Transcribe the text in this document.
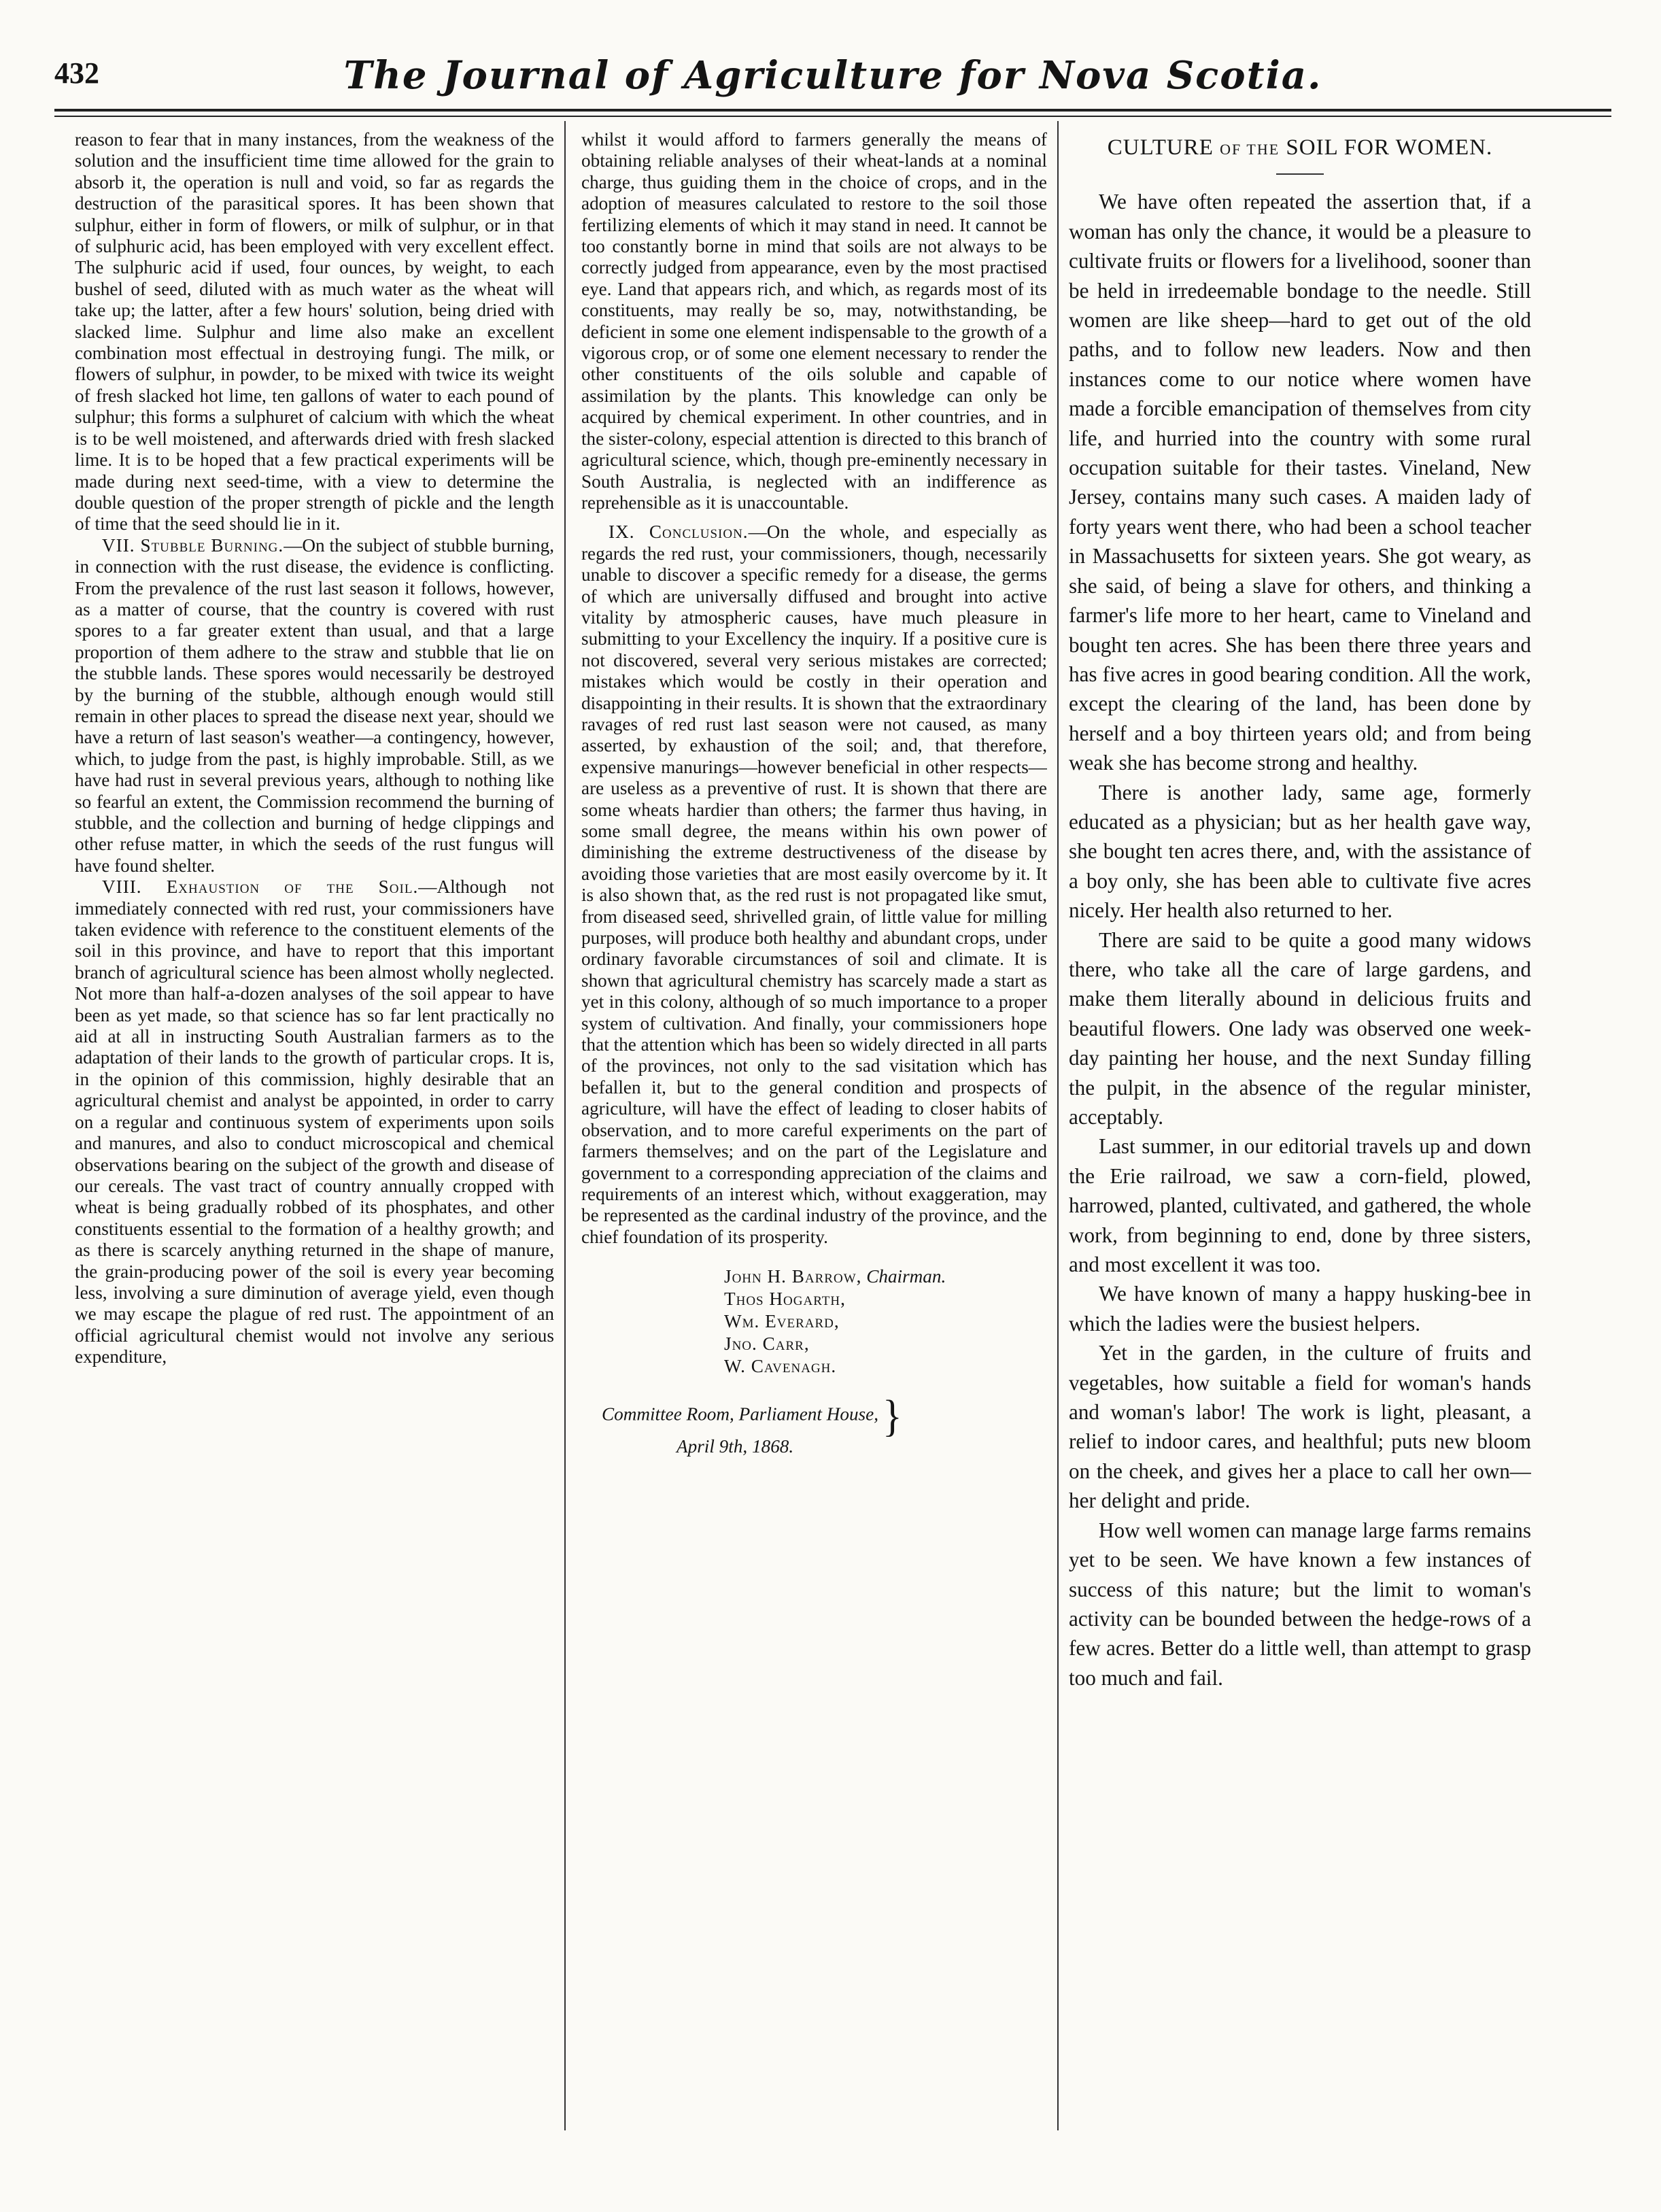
432	The Journal of Agriculture for Nova Scotia.

reason to fear that in many instances, from the weakness of the solution and the insufficient time time allowed for the grain to absorb it, the operation is null and void, so far as regards the destruction of the parasitical spores. It has been shown that sulphur, either in form of flowers, or milk of sulphur, or in that of sulphuric acid, has been employed with very excellent effect. The sulphuric acid if used, four ounces, by weight, to each bushel of seed, diluted with as much water as the wheat will take up; the latter, after a few hours' solution, being dried with slacked lime. Sulphur and lime also make an excellent combination most effectual in destroying fungi. The milk, or flowers of sulphur, in powder, to be mixed with twice its weight of fresh slacked hot lime, ten gallons of water to each pound of sulphur; this forms a sulphuret of calcium with which the wheat is to be well moistened, and afterwards dried with fresh slacked lime. It is to be hoped that a few practical experiments will be made during next seed-time, with a view to determine the double question of the proper strength of pickle and the length of time that the seed should lie in it.

VII. Stubble Burning.—On the subject of stubble burning, in connection with the rust disease, the evidence is conflicting. From the prevalence of the rust last season it follows, however, as a matter of course, that the country is covered with rust spores to a far greater extent than usual, and that a large proportion of them adhere to the straw and stubble that lie on the stubble lands. These spores would necessarily be destroyed by the burning of the stubble, although enough would still remain in other places to spread the disease next year, should we have a return of last season's weather—a contingency, however, which, to judge from the past, is highly improbable. Still, as we have had rust in several previous years, although to nothing like so fearful an extent, the Commission recommend the burning of stubble, and the collection and burning of hedge clippings and other refuse matter, in which the seeds of the rust fungus will have found shelter.

VIII. Exhaustion of the Soil.—Although not immediately connected with red rust, your commissioners have taken evidence with reference to the constituent elements of the soil in this province, and have to report that this important branch of agricultural science has been almost wholly neglected. Not more than half-a-dozen analyses of the soil appear to have been as yet made, so that science has so far lent practically no aid at all in instructing South Australian farmers as to the adaptation of their lands to the growth of particular crops. It is, in the opinion of this commission, highly desirable that an agricultural chemist and analyst be appointed, in order to carry on a regular and continuous system of experiments upon soils and manures, and also to conduct microscopical and chemical observations bearing on the subject of the growth and disease of our cereals. The vast tract of country annually cropped with wheat is being gradually robbed of its phosphates, and other constituents essential to the formation of a healthy growth; and as there is scarcely anything returned in the shape of manure, the grain-producing power of the soil is every year becoming less, involving a sure diminution of average yield, even though we may escape the plague of red rust. The appointment of an official agricultural chemist would not involve any serious expenditure,

whilst it would afford to farmers generally the means of obtaining reliable analyses of their wheat-lands at a nominal charge, thus guiding them in the choice of crops, and in the adoption of measures calculated to restore to the soil those fertilizing elements of which it may stand in need. It cannot be too constantly borne in mind that soils are not always to be correctly judged from appearance, even by the most practised eye. Land that appears rich, and which, as regards most of its constituents, may really be so, may, notwithstanding, be deficient in some one element indispensable to the growth of a vigorous crop, or of some one element necessary to render the other constituents of the oils soluble and capable of assimilation by the plants. This knowledge can only be acquired by chemical experiment. In other countries, and in the sister-colony, especial attention is directed to this branch of agricultural science, which, though pre-eminently necessary in South Australia, is neglected with an indifference as reprehensible as it is unaccountable.

IX. Conclusion.—On the whole, and especially as regards the red rust, your commissioners, though, necessarily unable to discover a specific remedy for a disease, the germs of which are universally diffused and brought into active vitality by atmospheric causes, have much pleasure in submitting to your Excellency the inquiry. If a positive cure is not discovered, several very serious mistakes are corrected; mistakes which would be costly in their operation and disappointing in their results. It is shown that the extraordinary ravages of red rust last season were not caused, as many asserted, by exhaustion of the soil; and, that therefore, expensive manurings—however beneficial in other respects—are useless as a preventive of rust. It is shown that there are some wheats hardier than others; the farmer thus having, in some small degree, the means within his own power of diminishing the extreme destructiveness of the disease by avoiding those varieties that are most easily overcome by it. It is also shown that, as the red rust is not propagated like smut, from diseased seed, shrivelled grain, of little value for milling purposes, will produce both healthy and abundant crops, under ordinary favorable circumstances of soil and climate. It is shown that agricultural chemistry has scarcely made a start as yet in this colony, although of so much importance to a proper system of cultivation. And finally, your commissioners hope that the attention which has been so widely directed in all parts of the provinces, not only to the sad visitation which has befallen it, but to the general condition and prospects of agriculture, will have the effect of leading to closer habits of observation, and to more careful experiments on the part of farmers themselves; and on the part of the Legislature and government to a corresponding appreciation of the claims and requirements of an interest which, without exaggeration, may be represented as the cardinal industry of the province, and the chief foundation of its prosperity.

John H. Barrow, Chairman.
Thos Hogarth,
Wm. Everard,
Jno. Carr,
W. Cavenagh.
Committee Room, Parliament House, }
April 9th, 1868.
CULTURE OF THE SOIL FOR WOMEN.

We have often repeated the assertion that, if a woman has only the chance, it would be a pleasure to cultivate fruits or flowers for a livelihood, sooner than be held in irredeemable bondage to the needle. Still women are like sheep—hard to get out of the old paths, and to follow new leaders. Now and then instances come to our notice where women have made a forcible emancipation of themselves from city life, and hurried into the country with some rural occupation suitable for their tastes. Vineland, New Jersey, contains many such cases. A maiden lady of forty years went there, who had been a school teacher in Massachusetts for sixteen years. She got weary, as she said, of being a slave for others, and thinking a farmer's life more to her heart, came to Vineland and bought ten acres. She has been there three years and has five acres in good bearing condition. All the work, except the clearing of the land, has been done by herself and a boy thirteen years old; and from being weak she has become strong and healthy.

There is another lady, same age, formerly educated as a physician; but as her health gave way, she bought ten acres there, and, with the assistance of a boy only, she has been able to cultivate five acres nicely. Her health also returned to her.

There are said to be quite a good many widows there, who take all the care of large gardens, and make them literally abound in delicious fruits and beautiful flowers. One lady was observed one week-day painting her house, and the next Sunday filling the pulpit, in the absence of the regular minister, acceptably.

Last summer, in our editorial travels up and down the Erie railroad, we saw a corn-field, plowed, harrowed, planted, cultivated, and gathered, the whole work, from beginning to end, done by three sisters, and most excellent it was too.

We have known of many a happy husking-bee in which the ladies were the busiest helpers.

Yet in the garden, in the culture of fruits and vegetables, how suitable a field for woman's hands and woman's labor! The work is light, pleasant, a relief to indoor cares, and healthful; puts new bloom on the cheek, and gives her a place to call her own—her delight and pride.

How well women can manage large farms remains yet to be seen. We have known a few instances of success of this nature; but the limit to woman's activity can be bounded between the hedge-rows of a few acres. Better do a little well, than attempt to grasp too much and fail.
